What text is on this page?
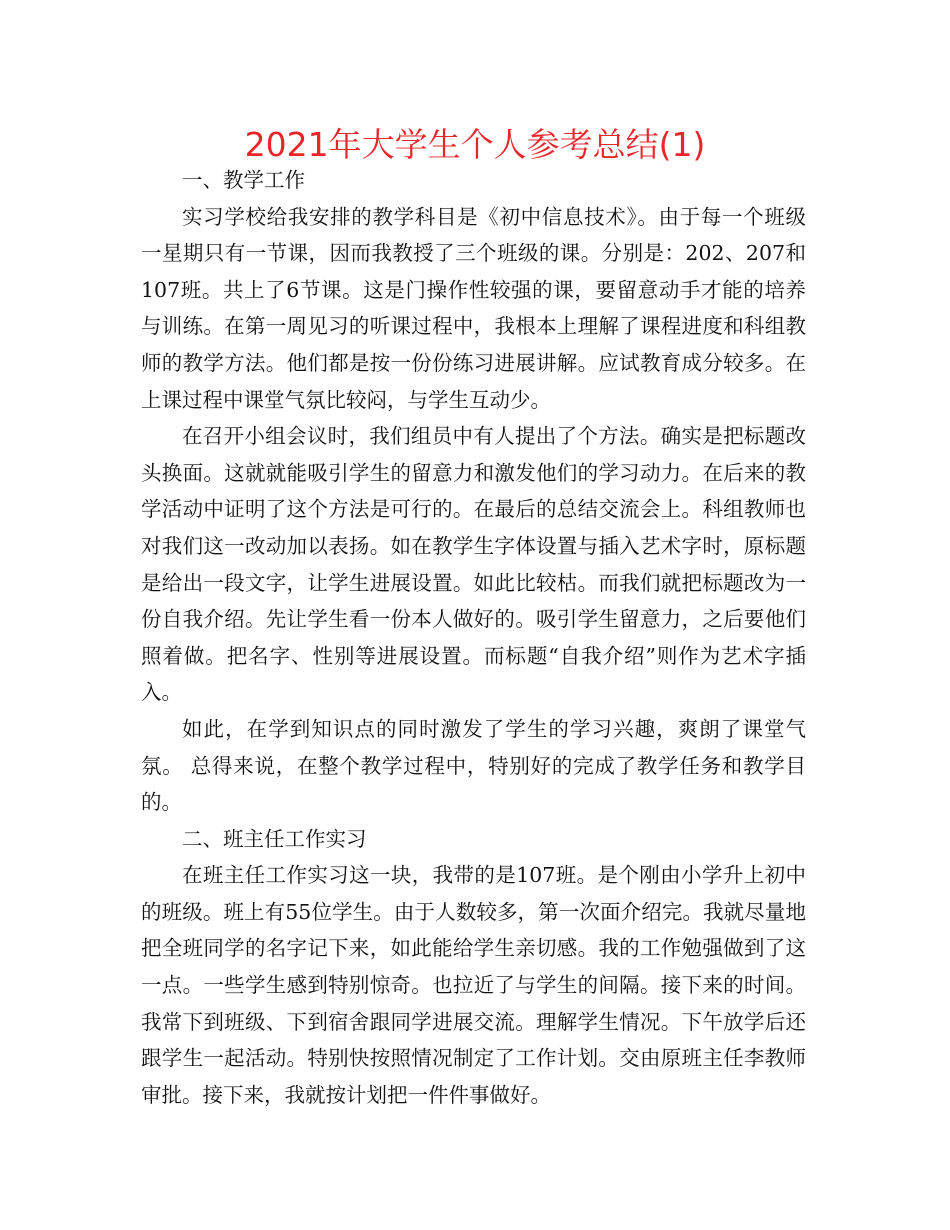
2021年大学生个人参考总结(1)

一、教学工作

实习学校给我安排的教学科目是《初中信息技术》。由于每一个班级一星期只有一节课，因而我教授了三个班级的课。分别是：202、207和107班。共上了6节课。这是门操作性较强的课，要留意动手才能的培养与训练。在第一周见习的听课过程中，我根本上理解了课程进度和科组教师的教学方法。他们都是按一份份练习进展讲解。应试教育成分较多。在上课过程中课堂气氛比较闷，与学生互动少。

在召开小组会议时，我们组员中有人提出了个方法。确实是把标题改头换面。这就就能吸引学生的留意力和激发他们的学习动力。在后来的教学活动中证明了这个方法是可行的。在最后的总结交流会上。科组教师也对我们这一改动加以表扬。如在教学生字体设置与插入艺术字时，原标题是给出一段文字，让学生进展设置。如此比较枯。而我们就把标题改为一份自我介绍。先让学生看一份本人做好的。吸引学生留意力，之后要他们照着做。把名字、性别等进展设置。而标题“自我介绍”则作为艺术字插入。

如此，在学到知识点的同时激发了学生的学习兴趣，爽朗了课堂气氛。 总得来说，在整个教学过程中，特别好的完成了教学任务和教学目的。

二、班主任工作实习

在班主任工作实习这一块，我带的是107班。是个刚由小学升上初中的班级。班上有55位学生。由于人数较多，第一次面介绍完。我就尽量地把全班同学的名字记下来，如此能给学生亲切感。我的工作勉强做到了这一点。一些学生感到特别惊奇。也拉近了与学生的间隔。接下来的时间。我常下到班级、下到宿舍跟同学进展交流。理解学生情况。下午放学后还跟学生一起活动。特别快按照情况制定了工作计划。交由原班主任李教师审批。接下来，我就按计划把一件件事做好。
